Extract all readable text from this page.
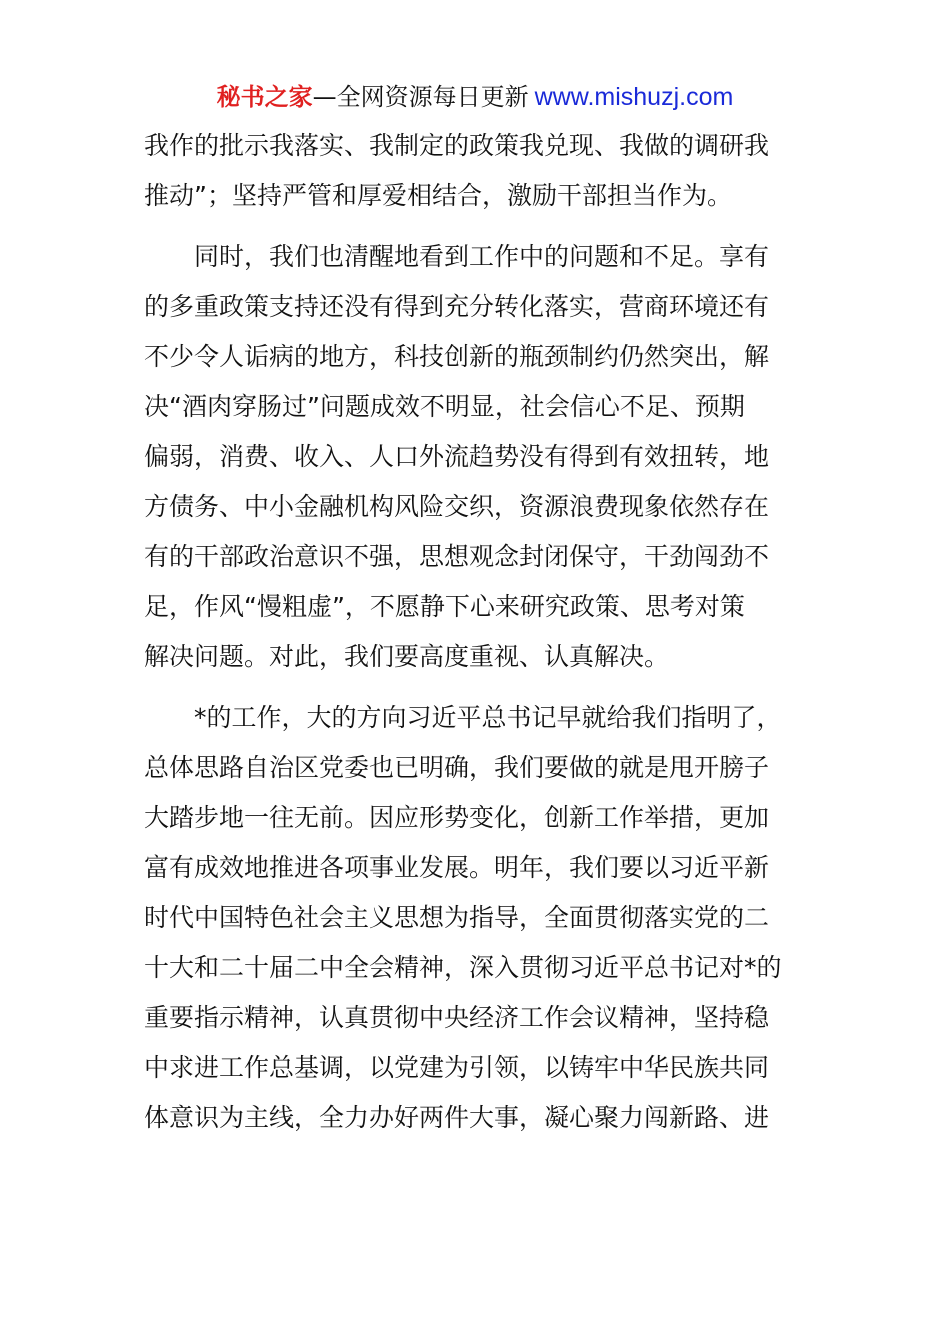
秘书之家—全网资源每日更新 www.mishuzj.com
我作的批示我落实、我制定的政策我兑现、我做的调研我
推动”；坚持严管和厚爱相结合，激励干部担当作为。
　　同时，我们也清醒地看到工作中的问题和不足。享有
的多重政策支持还没有得到充分转化落实，营商环境还有
不少令人诟病的地方，科技创新的瓶颈制约仍然突出，解
决“酒肉穿肠过”问题成效不明显，社会信心不足、预期
偏弱，消费、收入、人口外流趋势没有得到有效扭转，地
方债务、中小金融机构风险交织，资源浪费现象依然存在
有的干部政治意识不强，思想观念封闭保守，干劲闯劲不
足，作风“慢粗虚”，不愿静下心来研究政策、思考对策
解决问题。对此，我们要高度重视、认真解决。
　　*的工作，大的方向习近平总书记早就给我们指明了，
总体思路自治区党委也已明确，我们要做的就是甩开膀子
大踏步地一往无前。因应形势变化，创新工作举措，更加
富有成效地推进各项事业发展。明年，我们要以习近平新
时代中国特色社会主义思想为指导，全面贯彻落实党的二
十大和二十届二中全会精神，深入贯彻习近平总书记对*的
重要指示精神，认真贯彻中央经济工作会议精神，坚持稳
中求进工作总基调，以党建为引领，以铸牢中华民族共同
体意识为主线，全力办好两件大事，凝心聚力闯新路、进
